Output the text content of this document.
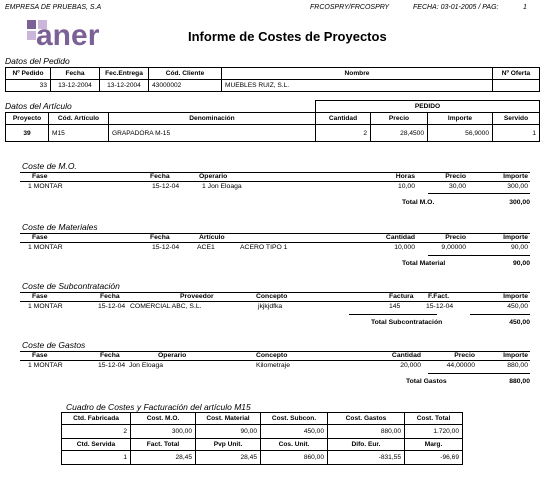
EMPRESA DE PRUEBAS, S.A	FRCOSPRY/FRCOSPRY	FECHA: 03-01-2005 / PAG:	1
aner	Informe de Costes de Proyectos
Datos del Pedido
Nº Pedido	Fecha	Fec.Entrega	Cód. Cliente	Nombre	Nº Oferta
33	13-12-2004	13-12-2004	43000002	MUEBLES RUIZ, S.L.	
Datos del Artículo
				PEDIDO			
Proyecto	Cód. Artículo	Denominación	Cantidad	Precio	Importe	Servido
39	M15	GRAPADORA M-15	2	28,4500	56,9000	1
Coste de M.O.
Fase	Fecha	Operario	Horas	Precio	Importe
1 MONTAR	15-12-04	1 Jon Eloaga	10,00	30,00	300,00
Total M.O.	300,00
Coste de Materiales
Fase	Fecha	Artículo	Cantidad	Precio	Importe
1 MONTAR	15-12-04	ACE1	ACERO TIPO 1	10,000	9,00000	90,00
Total Material	90,00
Coste de Subcontratación
Fase	Fecha	Proveedor	Concepto	Factura F.Fact.	Importe
1 MONTAR	15-12-04 COMERCIAL ABC, S.L.	jkjkjdfka	145	15-12-04	450,00
Total Subcontratación	450,00
Coste de Gastos
Fase	Fecha	Operario	Concepto	Cantidad	Precio	Importe
1 MONTAR	15-12-04 Jon Eloaga	Kilometraje	20,000	44,00000	880,00
Total Gastos	880,00
Cuadro de Costes y Facturación del artículo M15
Ctd. Fabricada	Cost. M.O.	Cost. Material	Cost. Subcon.	Cost. Gastos	Cost. Total
2	300,00	90,00	450,00	880,00	1.720,00
Ctd. Servida	Fact. Total	Pvp Unit.	Cos. Unit.	Difo. Eur.	Marg.
1	28,45	28,45	860,00	-831,55	-96,69
